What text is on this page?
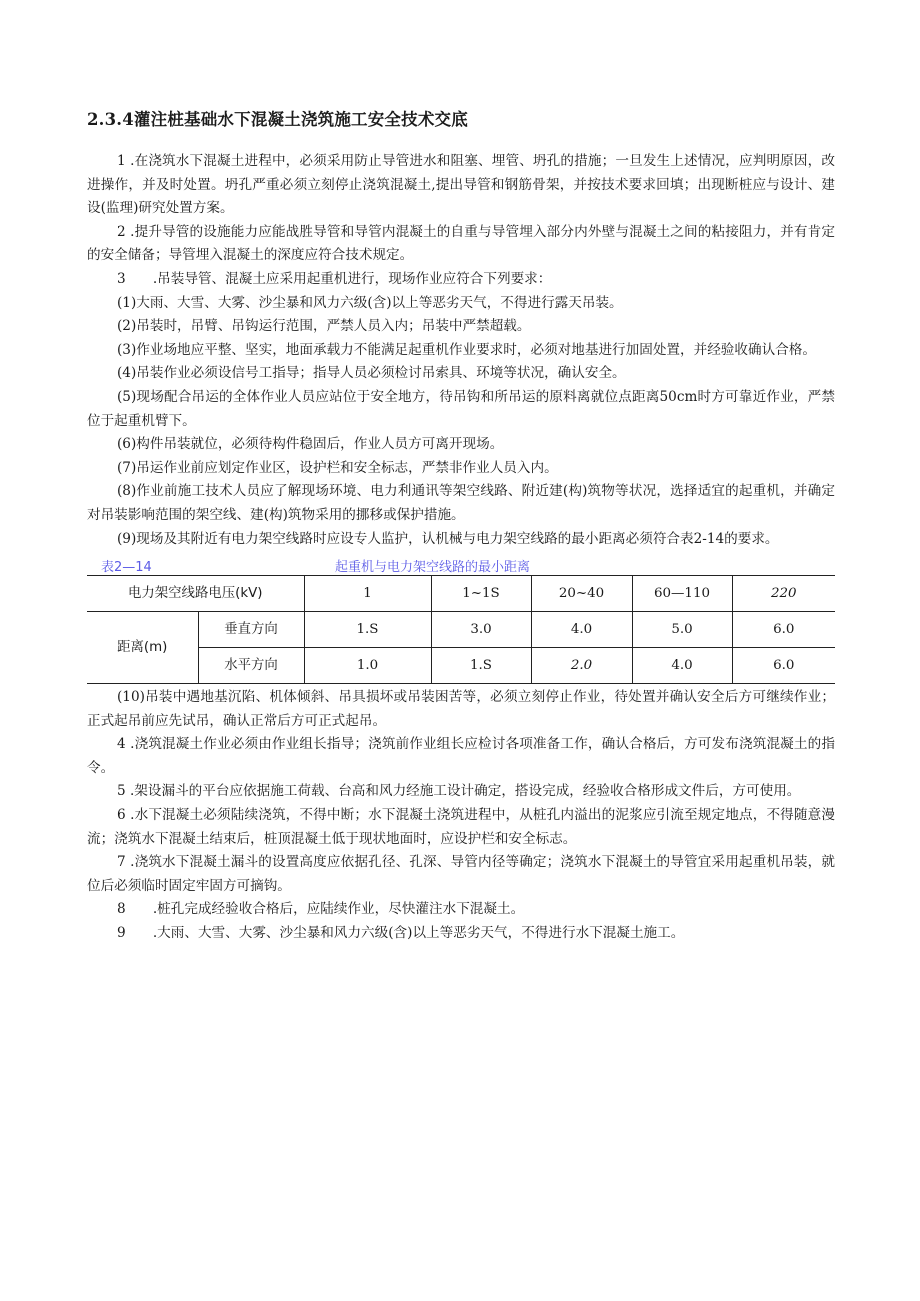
2.3.4灌注桩基础水下混凝土浇筑施工安全技术交底

1 .在浇筑水下混凝土进程中，必须采用防止导管进水和阻塞、埋管、坍孔的措施；一旦发生上述情况，应判明原因，改进操作，并及时处置。坍孔严重必须立刻停止浇筑混凝土,提出导管和钢筋骨架，并按技术要求回填；出现断桩应与设计、建设(监理)研究处置方案。

2 .提升导管的设施能力应能战胜导管和导管内混凝土的自重与导管埋入部分内外壁与混凝土之间的粘接阻力，并有肯定的安全储备；导管埋入混凝土的深度应符合技术规定。

3　　.吊装导管、混凝土应采用起重机进行，现场作业应符合下列要求：

(1)大雨、大雪、大雾、沙尘暴和风力六级(含)以上等恶劣天气，不得进行露天吊装。

(2)吊装时，吊臂、吊钩运行范围，严禁人员入内；吊装中严禁超载。

(3)作业场地应平整、坚实，地面承载力不能满足起重机作业要求时，必须对地基进行加固处置，并经验收确认合格。

(4)吊装作业必须设信号工指导；指导人员必须检讨吊索具、环境等状况，确认安全。

(5)现场配合吊运的全体作业人员应站位于安全地方，待吊钩和所吊运的原料离就位点距离50cm时方可靠近作业，严禁位于起重机臂下。

(6)构件吊装就位，必须待构件稳固后，作业人员方可离开现场。

(7)吊运作业前应划定作业区，设护栏和安全标志，严禁非作业人员入内。

(8)作业前施工技术人员应了解现场环境、电力利通讯等架空线路、附近建(构)筑物等状况，选择适宜的起重机，并确定对吊装影响范围的架空线、建(构)筑物采用的挪移或保护措施。

(9)现场及其附近有电力架空线路时应设专人监护，认机械与电力架空线路的最小距离必须符合表2-14的要求。

表2—14	起重机与电力架空线路的最小距离
电力架空线路电压(kV)		1	1~1S	20~40	60—110	220
距离(m)	垂直方向	1.S	3.0	4.0	5.0	6.0
	水平方向	1.0	1.S	2.0	4.0	6.0

(10)吊装中遇地基沉陷、机体倾斜、吊具损坏或吊装困苦等，必须立刻停止作业，待处置并确认安全后方可继续作业；正式起吊前应先试吊，确认正常后方可正式起吊。

4 .浇筑混凝土作业必须由作业组长指导；浇筑前作业组长应检讨各项准备工作，确认合格后，方可发布浇筑混凝土的指令。

5 .架设漏斗的平台应依据施工荷载、台高和风力经施工设计确定，搭设完成，经验收合格形成文件后，方可使用。

6 .水下混凝土必须陆续浇筑，不得中断；水下混凝土浇筑进程中，从桩孔内溢出的泥浆应引流至规定地点，不得随意漫流；浇筑水下混凝土结束后，桩顶混凝土低于现状地面时，应设护栏和安全标志。

7 .浇筑水下混凝土漏斗的设置高度应依据孔径、孔深、导管内径等确定；浇筑水下混凝土的导管宜采用起重机吊装，就位后必须临时固定牢固方可摘钩。

8　　.桩孔完成经验收合格后，应陆续作业，尽快灌注水下混凝土。

9　　.大雨、大雪、大雾、沙尘暴和风力六级(含)以上等恶劣天气，不得进行水下混凝土施工。
